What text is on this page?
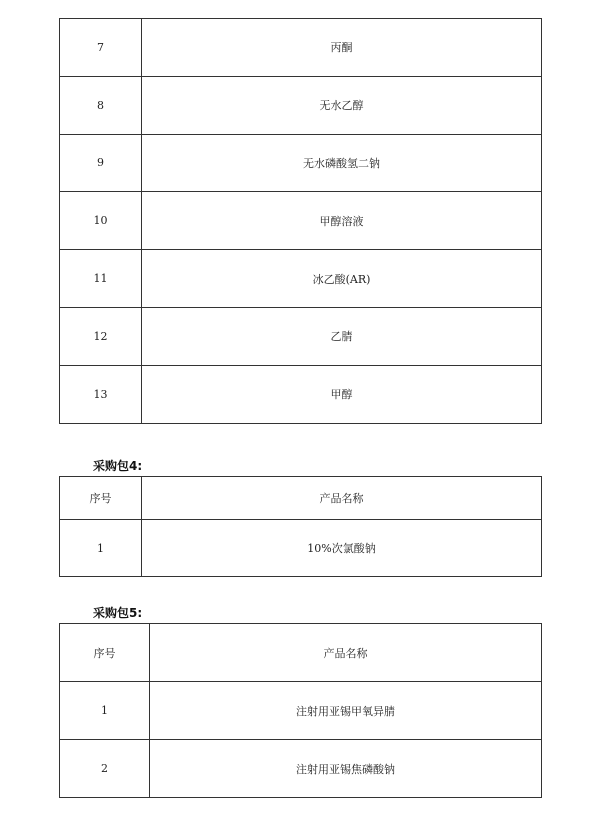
7	丙酮
8	无水乙醇
9	无水磷酸氢二钠
10	甲醇溶液
11	冰乙酸(AR)
12	乙腈
13	甲醇
采购包4:
序号	产品名称
1	10%次氯酸钠
采购包5:
序号	产品名称
1	注射用亚锡甲氧异腈
2	注射用亚锡焦磷酸钠
